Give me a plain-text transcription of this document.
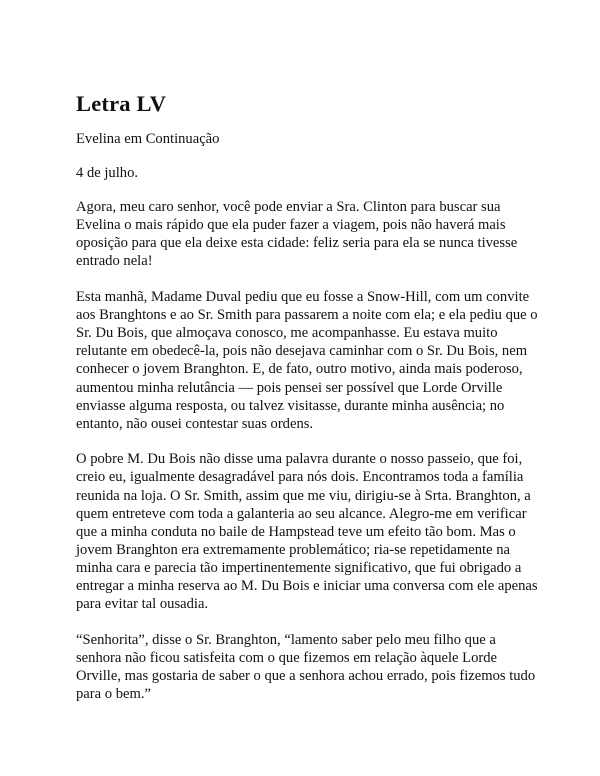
Letra LV

Evelina em Continuação

4 de julho.

Agora, meu caro senhor, você pode enviar a Sra. Clinton para buscar sua Evelina o mais rápido que ela puder fazer a viagem, pois não haverá mais oposição para que ela deixe esta cidade: feliz seria para ela se nunca tivesse entrado nela!

Esta manhã, Madame Duval pediu que eu fosse a Snow-Hill, com um convite aos Branghtons e ao Sr. Smith para passarem a noite com ela; e ela pediu que o Sr. Du Bois, que almoçava conosco, me acompanhasse. Eu estava muito relutante em obedecê-la, pois não desejava caminhar com o Sr. Du Bois, nem conhecer o jovem Branghton. E, de fato, outro motivo, ainda mais poderoso, aumentou minha relutância — pois pensei ser possível que Lorde Orville enviasse alguma resposta, ou talvez visitasse, durante minha ausência; no entanto, não ousei contestar suas ordens.

O pobre M. Du Bois não disse uma palavra durante o nosso passeio, que foi, creio eu, igualmente desagradável para nós dois. Encontramos toda a família reunida na loja. O Sr. Smith, assim que me viu, dirigiu-se à Srta. Branghton, a quem entreteve com toda a galanteria ao seu alcance. Alegro-me em verificar que a minha conduta no baile de Hampstead teve um efeito tão bom. Mas o jovem Branghton era extremamente problemático; ria-se repetidamente na minha cara e parecia tão impertinentemente significativo, que fui obrigado a entregar a minha reserva ao M. Du Bois e iniciar uma conversa com ele apenas para evitar tal ousadia.

“Senhorita”, disse o Sr. Branghton, “lamento saber pelo meu filho que a senhora não ficou satisfeita com o que fizemos em relação àquele Lorde Orville, mas gostaria de saber o que a senhora achou errado, pois fizemos tudo para o bem.”
